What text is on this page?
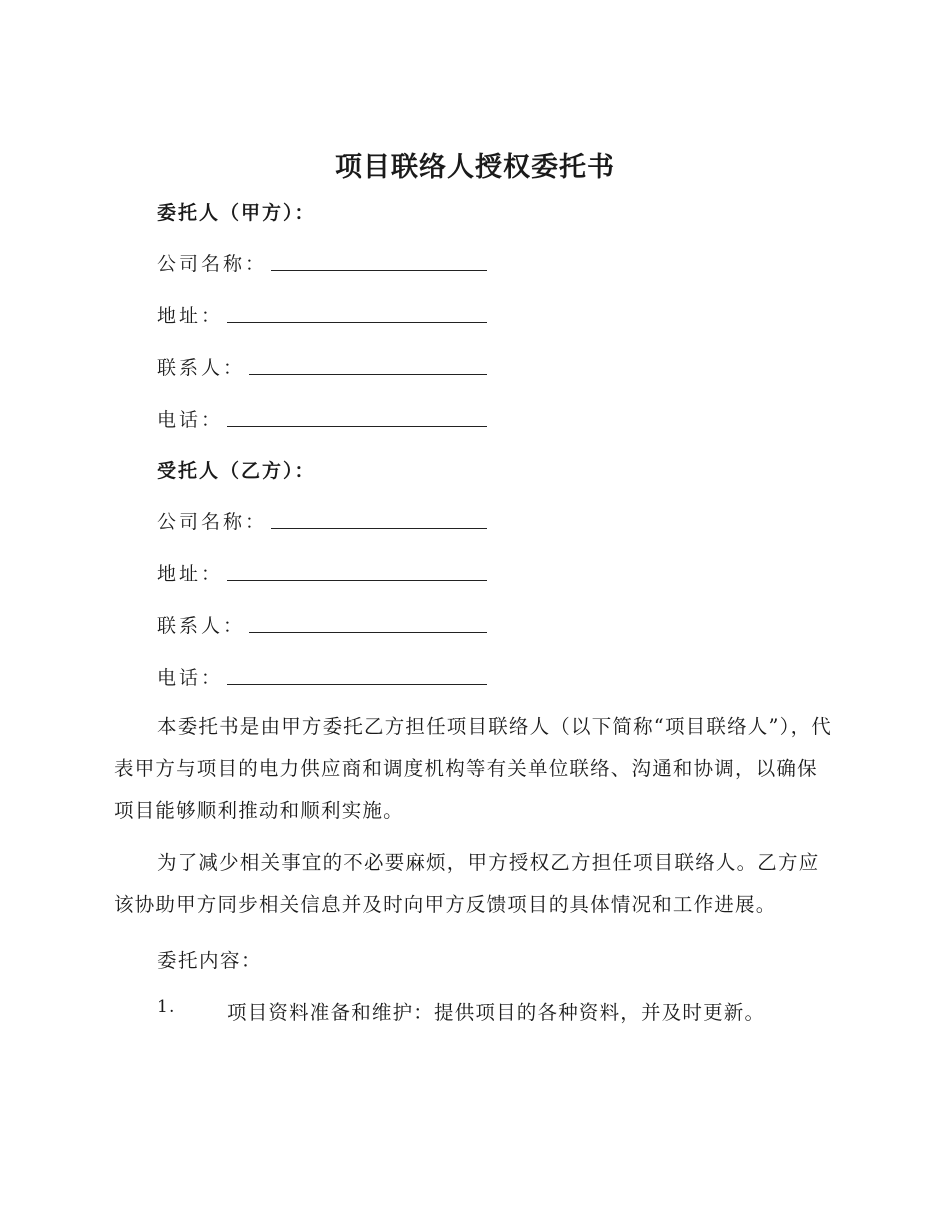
项目联络人授权委托书
委托人（甲方）：
公司名称：
地址：
联系人：
电话：
受托人（乙方）：
公司名称：
地址：
联系人：
电话：

本委托书是由甲方委托乙方担任项目联络人（以下简称“项目联络人”），代表甲方与项目的电力供应商和调度机构等有关单位联络、沟通和协调，以确保项目能够顺利推动和顺利实施。

为了减少相关事宜的不必要麻烦，甲方授权乙方担任项目联络人。乙方应该协助甲方同步相关信息并及时向甲方反馈项目的具体情况和工作进展。

委托内容：
1.	项目资料准备和维护：提供项目的各种资料，并及时更新。
